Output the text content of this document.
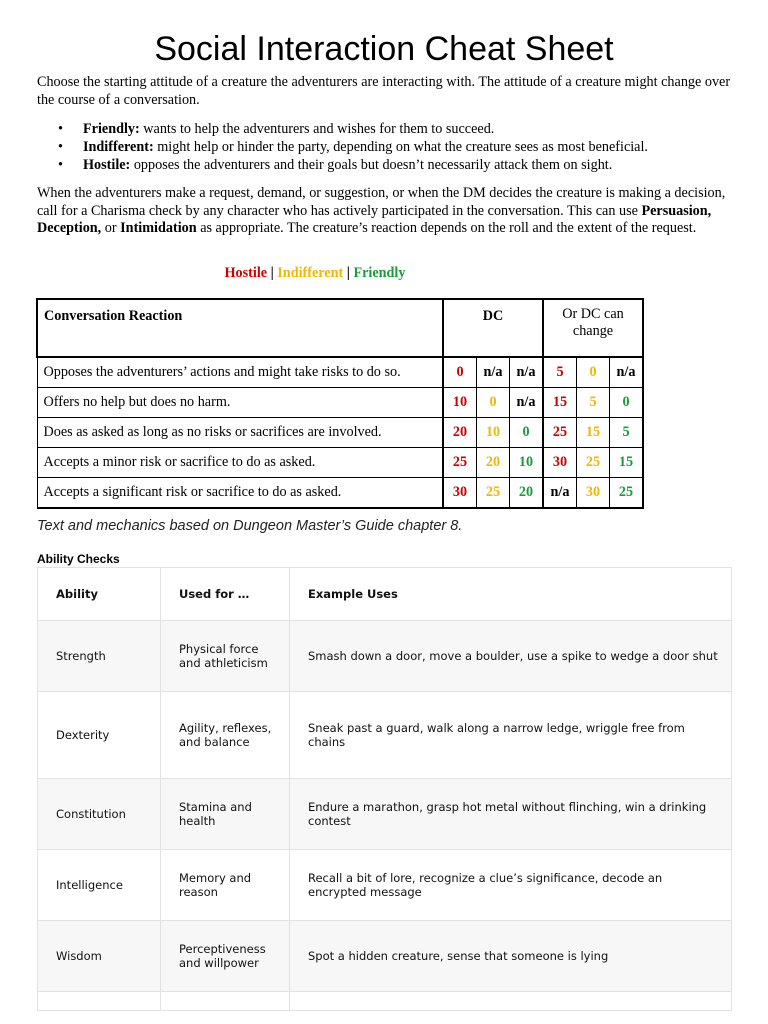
Social Interaction Cheat Sheet

Choose the starting attitude of a creature the adventurers are interacting with. The attitude of a creature might change over the course of a conversation.

• Friendly: wants to help the adventurers and wishes for them to succeed.
• Indifferent: might help or hinder the party, depending on what the creature sees as most beneficial.
• Hostile: opposes the adventurers and their goals but doesn’t necessarily attack them on sight.

When the adventurers make a request, demand, or suggestion, or when the DM decides the creature is making a decision, call for a Charisma check by any character who has actively participated in the conversation. This can use Persuasion, Deception, or Intimidation as appropriate. The creature’s reaction depends on the roll and the extent of the request.

Hostile | Indifferent | Friendly

Conversation Reaction	DC			Or DC can change		
Opposes the adventurers’ actions and might take risks to do so.	0	n/a	n/a	5	0	n/a
Offers no help but does no harm.	10	0	n/a	15	5	0
Does as asked as long as no risks or sacrifices are involved.	20	10	0	25	15	5
Accepts a minor risk or sacrifice to do as asked.	25	20	10	30	25	15
Accepts a significant risk or sacrifice to do as asked.	30	25	20	n/a	30	25

Text and mechanics based on Dungeon Master’s Guide chapter 8.

Ability Checks

Ability	Used for …	Example Uses
Strength	Physical force and athleticism	Smash down a door, move a boulder, use a spike to wedge a door shut
Dexterity	Agility, reflexes, and balance	Sneak past a guard, walk along a narrow ledge, wriggle free from chains
Constitution	Stamina and health	Endure a marathon, grasp hot metal without flinching, win a drinking contest
Intelligence	Memory and reason	Recall a bit of lore, recognize a clue’s significance, decode an encrypted message
Wisdom	Perceptiveness and willpower	Spot a hidden creature, sense that someone is lying
